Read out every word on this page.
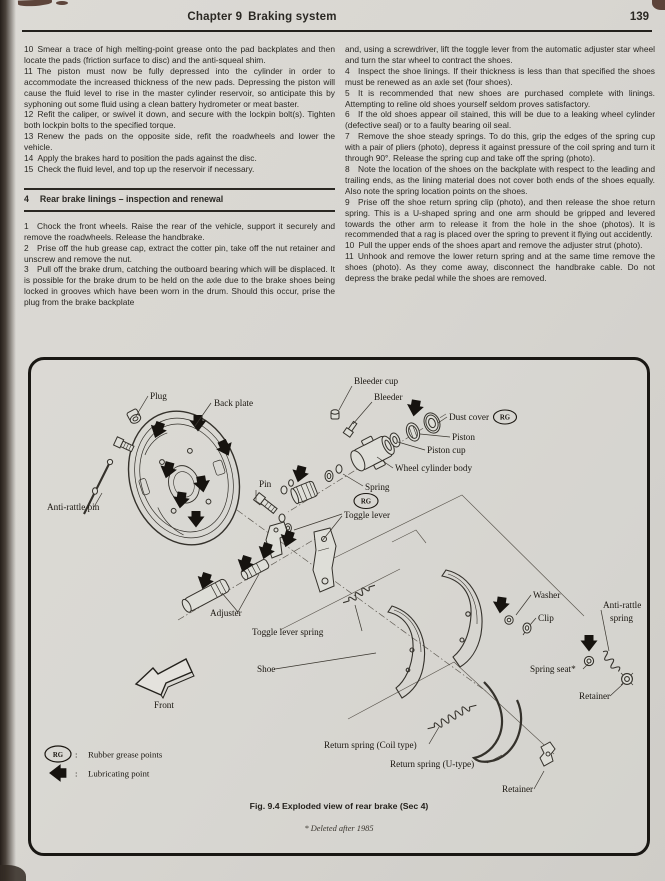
Chapter 9 Braking system	139

10 Smear a trace of high melting-point grease onto the pad backplates and then locate the pads (friction surface to disc) and the anti-squeal shim.

11 The piston must now be fully depressed into the cylinder in order to accommodate the increased thickness of the new pads. Depressing the piston will cause the fluid level to rise in the master cylinder reservoir, so anticipate this by syphoning out some fluid using a clean battery hydrometer or meat baster.

12 Refit the caliper, or swivel it down, and secure with the lockpin bolt(s). Tighten both lockpin bolts to the specified torque.

13 Renew the pads on the opposite side, refit the roadwheels and lower the vehicle.

14 Apply the brakes hard to position the pads against the disc.

15 Check the fluid level, and top up the reservoir if necessary.

4 Rear brake linings – inspection and renewal

1  Chock the front wheels. Raise the rear of the vehicle, support it securely and remove the roadwheels. Release the handbrake.

2  Prise off the hub grease cap, extract the cotter pin, take off the nut retainer and unscrew and remove the nut.

3  Pull off the brake drum, catching the outboard bearing which will be displaced. It is possible for the brake drum to be held on the axle due to the brake shoes being locked in grooves which have been worn in the drum. Should this occur, prise the plug from the brake backplate

and, using a screwdriver, lift the toggle lever from the automatic adjuster star wheel and turn the star wheel to contract the shoes.

4  Inspect the shoe linings. If their thickness is less than that specified the shoes must be renewed as an axle set (four shoes).

5  It is recommended that new shoes are purchased complete with linings. Attempting to reline old shoes yourself seldom proves satisfactory.

6  If the old shoes appear oil stained, this will be due to a leaking wheel cylinder (defective seal) or to a faulty bearing oil seal.

7  Remove the shoe steady springs. To do this, grip the edges of the spring cup with a pair of pliers (photo), depress it against pressure of the coil spring and turn it through 90°. Release the spring cup and take off the spring (photo).

8  Note the location of the shoes on the backplate with respect to the leading and trailing ends, as the lining material does not cover both ends of the shoes equally. Also note the spring location points on the shoes.

9  Prise off the shoe return spring clip (photo), and then release the shoe return spring. This is a U-shaped spring and one arm should be gripped and levered towards the other arm to release it from the hole in the shoe (photos). It is recommended that a rag is placed over the spring to prevent it flying out accidently.

10 Pull the upper ends of the shoes apart and remove the adjuster strut (photo).

11 Unhook and remove the lower return spring and at the same time remove the shoes (photo). As they come away, disconnect the handbrake cable. Do not depress the brake pedal while the shoes are removed.

RG
RG
Plug
Back plate
Bleeder cup
Bleeder
Dust cover
Piston
Piston cup
Wheel cylinder body
Pin	Spring
Toggle lever
Anti-rattle pin
Adjuster
Toggle lever spring
Shoe
Washer
Clip
Anti-rattle
spring
Spring seat*
Retainer
Return spring (Coil type)
Return spring (U-type)
Retainer
Front
RG : Rubber grease points
: Lubricating point
Fig. 9.4 Exploded view of rear brake (Sec 4)
* Deleted after 1985
